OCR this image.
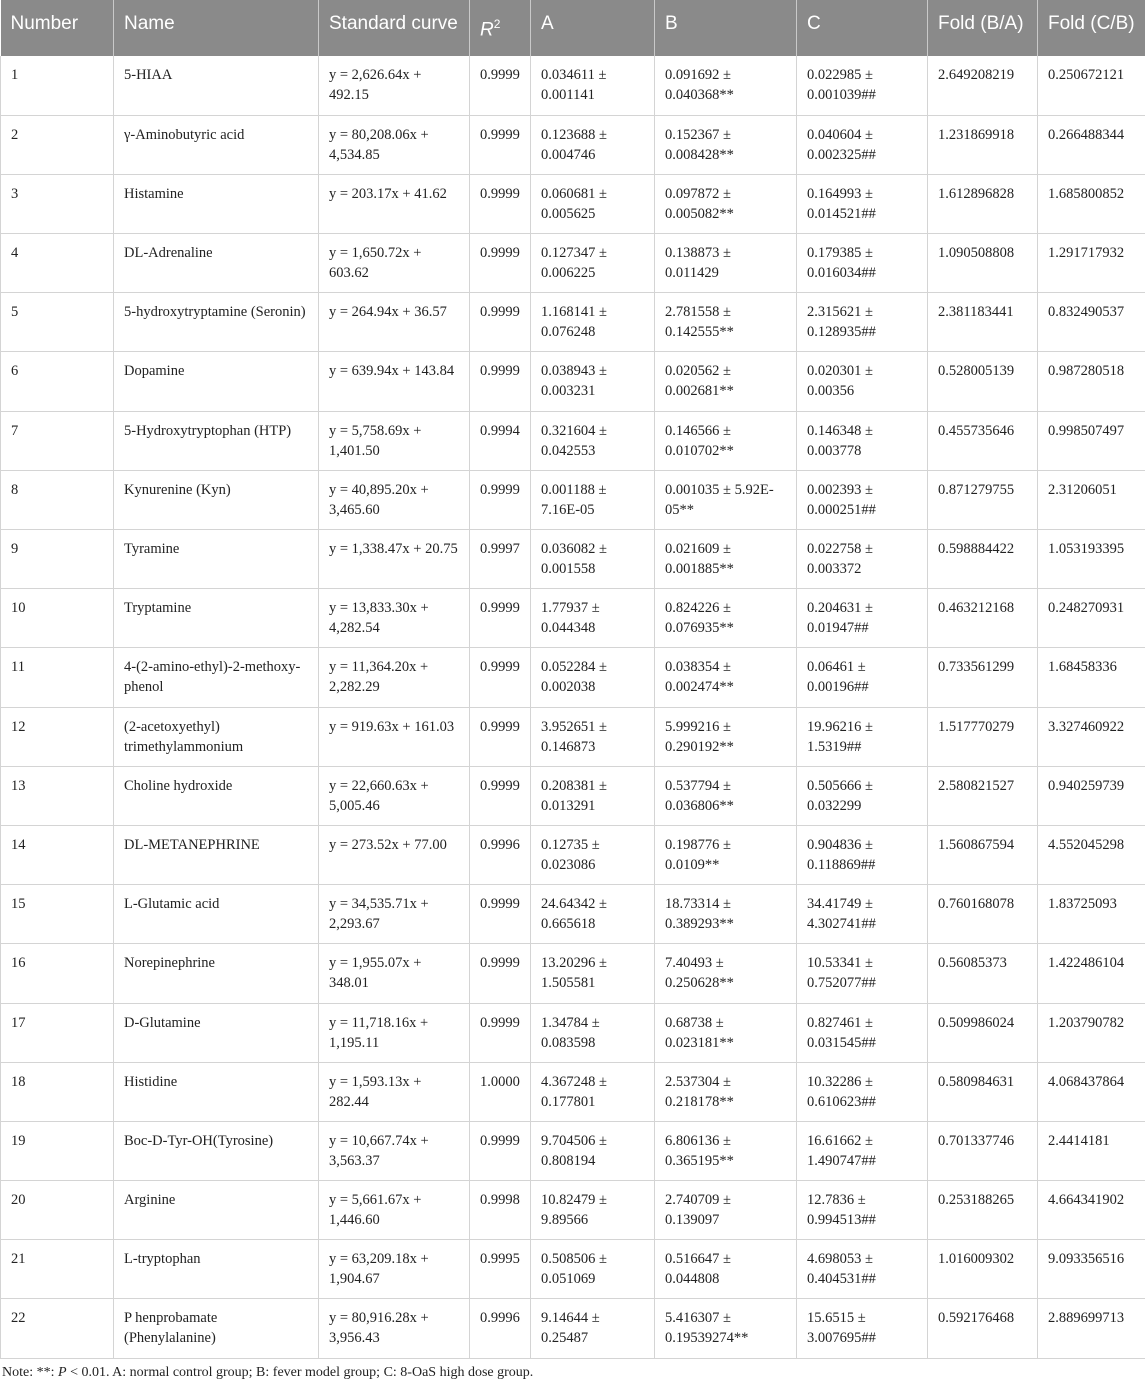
Number	Name	Standard curve	$R^2$	A	B	C	Fold (B/A)	Fold (C/B)
1	5-HIAA	y = 2,626.64x + 492.15	0.9999	0.034611 ± 0.001141	0.091692 ± 0.040368**	0.022985 ± 0.001039##	2.649208219	0.250672121
2	γ-Aminobutyric acid	y = 80,208.06x + 4,534.85	0.9999	0.123688 ± 0.004746	0.152367 ± 0.008428**	0.040604 ± 0.002325##	1.231869918	0.266488344
3	Histamine	y = 203.17x + 41.62	0.9999	0.060681 ± 0.005625	0.097872 ± 0.005082**	0.164993 ± 0.014521##	1.612896828	1.685800852
4	DL-Adrenaline	y = 1,650.72x + 603.62	0.9999	0.127347 ± 0.006225	0.138873 ± 0.011429	0.179385 ± 0.016034##	1.090508808	1.291717932
5	5-hydroxytryptamine (Seronin)	y = 264.94x + 36.57	0.9999	1.168141 ± 0.076248	2.781558 ± 0.142555**	2.315621 ± 0.128935##	2.381183441	0.832490537
6	Dopamine	y = 639.94x + 143.84	0.9999	0.038943 ± 0.003231	0.020562 ± 0.002681**	0.020301 ± 0.00356	0.528005139	0.987280518
7	5-Hydroxytryptophan (HTP)	y = 5,758.69x + 1,401.50	0.9994	0.321604 ± 0.042553	0.146566 ± 0.010702**	0.146348 ± 0.003778	0.455735646	0.998507497
8	Kynurenine (Kyn)	y = 40,895.20x + 3,465.60	0.9999	0.001188 ± 7.16E-05	0.001035 ± 5.92E-05**	0.002393 ± 0.000251##	0.871279755	2.31206051
9	Tyramine	y = 1,338.47x + 20.75	0.9997	0.036082 ± 0.001558	0.021609 ± 0.001885**	0.022758 ± 0.003372	0.598884422	1.053193395
10	Tryptamine	y = 13,833.30x + 4,282.54	0.9999	1.77937 ± 0.044348	0.824226 ± 0.076935**	0.204631 ± 0.01947##	0.463212168	0.248270931
11	4-(2-amino-ethyl)-2-methoxy-phenol	y = 11,364.20x + 2,282.29	0.9999	0.052284 ± 0.002038	0.038354 ± 0.002474**	0.06461 ± 0.00196##	0.733561299	1.68458336
12	(2-acetoxyethyl) trimethylammonium	y = 919.63x + 161.03	0.9999	3.952651 ± 0.146873	5.999216 ± 0.290192**	19.96216 ± 1.5319##	1.517770279	3.327460922
13	Choline hydroxide	y = 22,660.63x + 5,005.46	0.9999	0.208381 ± 0.013291	0.537794 ± 0.036806**	0.505666 ± 0.032299	2.580821527	0.940259739
14	DL-METANEPHRINE	y = 273.52x + 77.00	0.9996	0.12735 ± 0.023086	0.198776 ± 0.0109**	0.904836 ± 0.118869##	1.560867594	4.552045298
15	L-Glutamic acid	y = 34,535.71x + 2,293.67	0.9999	24.64342 ± 0.665618	18.73314 ± 0.389293**	34.41749 ± 4.302741##	0.760168078	1.83725093
16	Norepinephrine	y = 1,955.07x + 348.01	0.9999	13.20296 ± 1.505581	7.40493 ± 0.250628**	10.53341 ± 0.752077##	0.56085373	1.422486104
17	D-Glutamine	y = 11,718.16x + 1,195.11	0.9999	1.34784 ± 0.083598	0.68738 ± 0.023181**	0.827461 ± 0.031545##	0.509986024	1.203790782
18	Histidine	y = 1,593.13x + 282.44	1.0000	4.367248 ± 0.177801	2.537304 ± 0.218178**	10.32286 ± 0.610623##	0.580984631	4.068437864
19	Boc-D-Tyr-OH(Tyrosine)	y = 10,667.74x + 3,563.37	0.9999	9.704506 ± 0.808194	6.806136 ± 0.365195**	16.61662 ± 1.490747##	0.701337746	2.4414181
20	Arginine	y = 5,661.67x + 1,446.60	0.9998	10.82479 ± 9.89566	2.740709 ± 0.139097	12.7836 ± 0.994513##	0.253188265	4.664341902
21	L-tryptophan	y = 63,209.18x + 1,904.67	0.9995	0.508506 ± 0.051069	0.516647 ± 0.044808	4.698053 ± 0.404531##	1.016009302	9.093356516
22	P henprobamate (Phenylalanine)	y = 80,916.28x + 3,956.43	0.9996	9.14644 ± 0.25487	5.416307 ± 0.19539274**	15.6515 ± 3.007695##	0.592176468	2.889699713
Note: **: P < 0.01. A: normal control group; B: fever model group; C: 8-OaS high dose group.
